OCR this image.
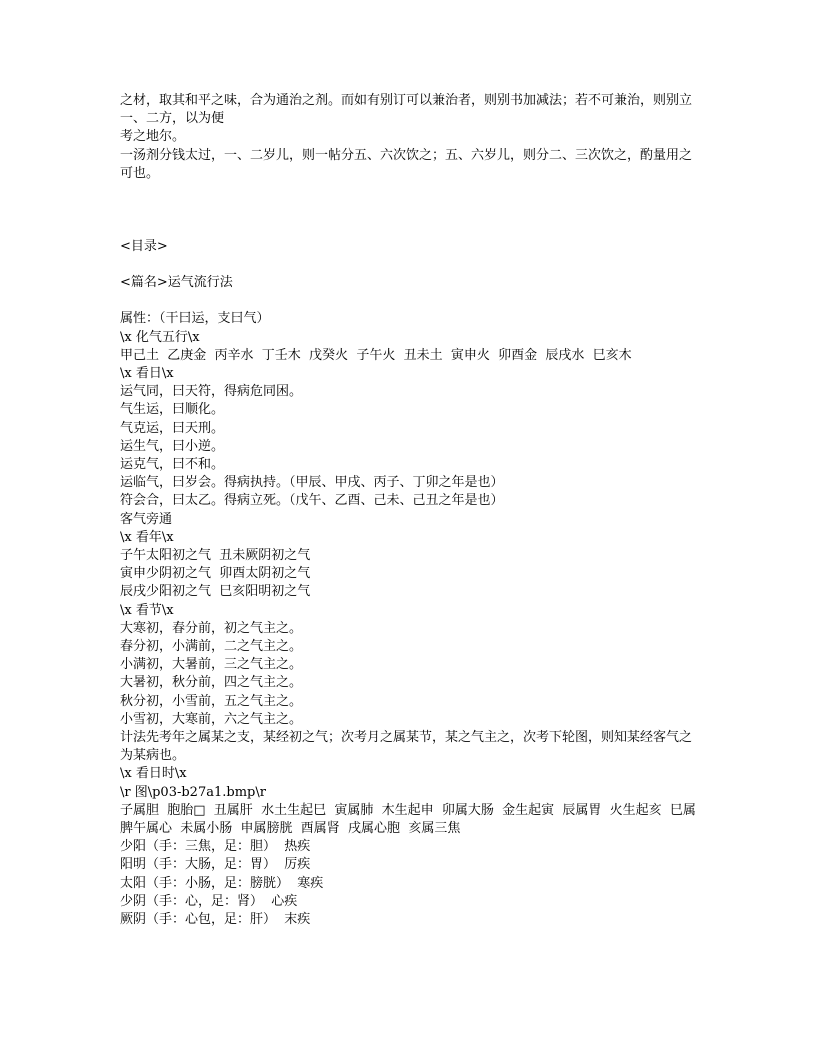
之材，取其和平之味，合为通治之剂。而如有别订可以兼治者，则别书加减法；若不可兼治，则别立一、二方，以为便
考之地尔。
一汤剂分钱太过，一、二岁儿，则一帖分五、六次饮之；五、六岁儿，则分二、三次饮之，酌量用之可也。
<目录>
<篇名>运气流行法
属性：（干曰运，支曰气）
\x 化气五行\x
甲己土  乙庚金  丙辛水  丁壬木  戊癸火  子午火  丑未土  寅申火  卯酉金  辰戌水  巳亥木
\x 看日\x
运气同，曰天符，得病危同困。
气生运，曰顺化。
气克运，曰天刑。
运生气，曰小逆。
运克气，曰不和。
运临气，曰岁会。得病执持。（甲辰、甲戌、丙子、丁卯之年是也）
符会合，曰太乙。得病立死。（戊午、乙酉、己未、己丑之年是也）
客气旁通
\x 看年\x
子午太阳初之气  丑未厥阴初之气
寅申少阴初之气  卯酉太阴初之气
辰戌少阳初之气  巳亥阳明初之气
\x 看节\x
大寒初，春分前，初之气主之。
春分初，小满前，二之气主之。
小满初，大暑前，三之气主之。
大暑初，秋分前，四之气主之。
秋分初，小雪前，五之气主之。
小雪初，大寒前，六之气主之。
计法先考年之属某之支，某经初之气；次考月之属某节，某之气主之，次考下轮图，则知某经客气之为某病也。
\x 看日时\x
\r 图\p03-b27a1.bmp\r
子属胆  胞胎□  丑属肝  水土生起巳  寅属肺  木生起申  卯属大肠  金生起寅  辰属胃  火生起亥  巳属
脾午属心  未属小肠  申属膀胱  酉属肾  戌属心胞  亥属三焦
少阳（手：三焦，足：胆）  热疾
阳明（手：大肠，足：胃）  厉疾
太阳（手：小肠，足：膀胱）  寒疾
少阴（手：心，足：肾）  心疾
厥阴（手：心包，足：肝）  末疾
